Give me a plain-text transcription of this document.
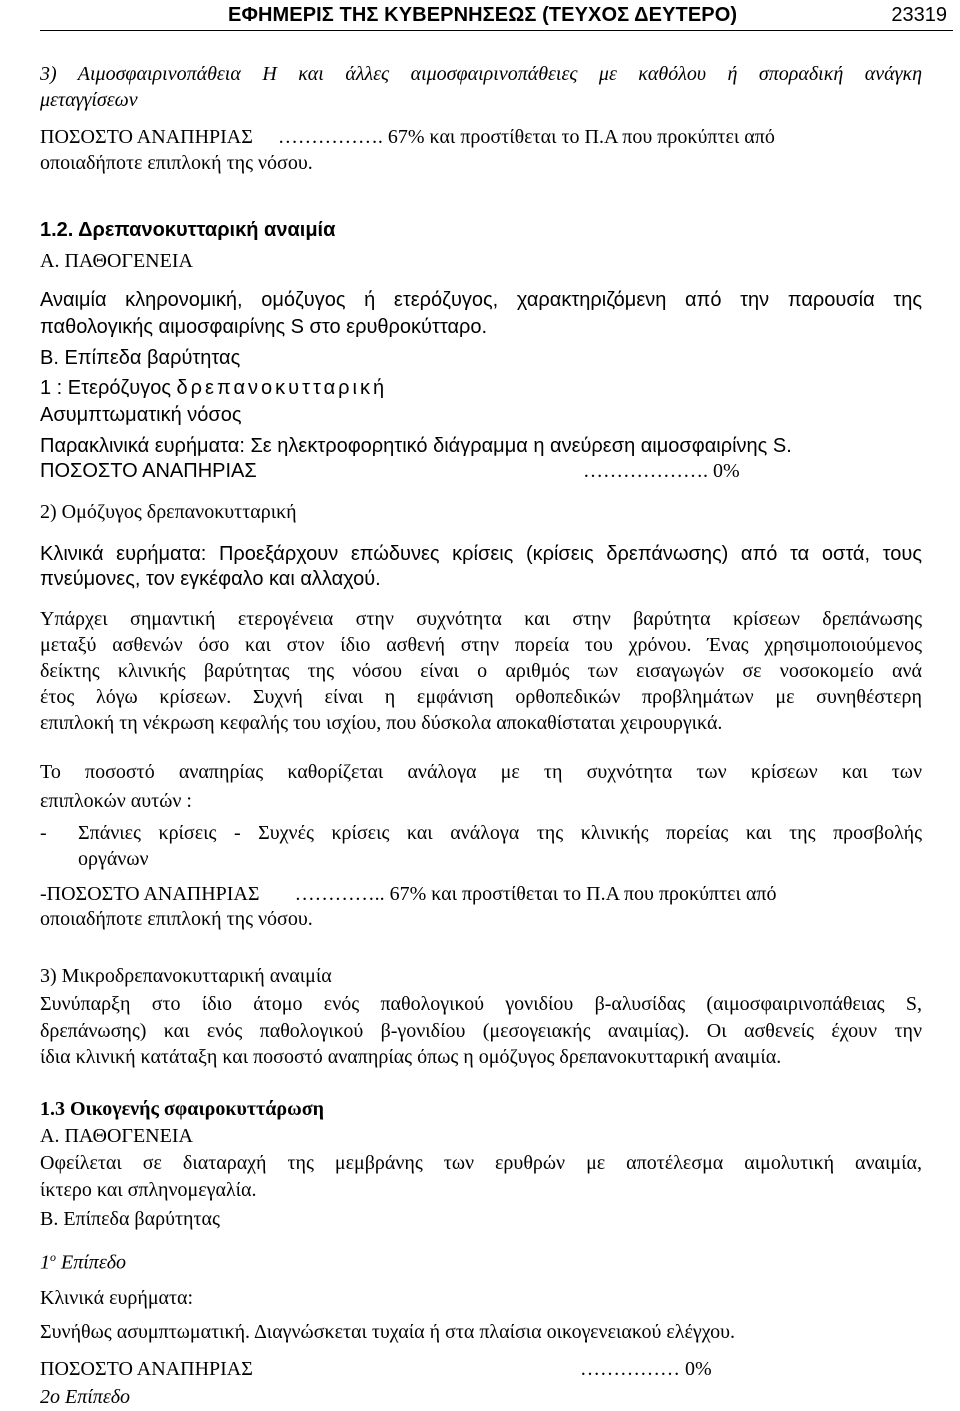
ΕΦΗΜΕΡΙΣ ΤΗΣ ΚΥΒΕΡΝΗΣΕΩΣ (ΤΕΥΧΟΣ ΔΕΥΤΕΡΟ)	23319
3) Αιμοσφαιρινοπάθεια H και άλλες αιμοσφαιρινοπάθειες με καθόλου ή σποραδική ανάγκη
μεταγγίσεων
ΠΟΣΟΣΤΟ ΑΝΑΠΗΡΙΑΣ ……………. 67% και προστίθεται το Π.Α που προκύπτει από
οποιαδήποτε επιπλοκή της νόσου.
1.2. Δρεπανοκυτταρική αναιμία
Α. ΠΑΘΟΓΕΝΕΙΑ
Αναιμία κληρονομική, ομόζυγος ή ετερόζυγος, χαρακτηριζόμενη από την παρουσία της
παθολογικής αιμοσφαιρίνης S στο ερυθροκύτταρο.
Β. Επίπεδα βαρύτητας
1 : Ετερόζυγος δρεπανοκυτταρική
Ασυμπτωματική νόσος
Παρακλινικά ευρήματα: Σε ηλεκτροφορητικό διάγραμμα η ανεύρεση αιμοσφαιρίνης S.
ΠΟΣΟΣΤΟ ΑΝΑΠΗΡΙΑΣ	………………. 0%
2) Ομόζυγος δρεπανοκυτταρική
Κλινικά ευρήματα: Προεξάρχουν επώδυνες κρίσεις (κρίσεις δρεπάνωσης) από τα οστά, τους
πνεύμονες, τον εγκέφαλο και αλλαχού.
Υπάρχει σημαντική ετερογένεια στην συχνότητα και στην βαρύτητα κρίσεων δρεπάνωσης
μεταξύ ασθενών όσο και στον ίδιο ασθενή στην πορεία του χρόνου. Ένας χρησιμοποιούμενος
δείκτης κλινικής βαρύτητας της νόσου είναι ο αριθμός των εισαγωγών σε νοσοκομείο ανά
έτος λόγω κρίσεων. Συχνή είναι η εμφάνιση ορθοπεδικών προβλημάτων με συνηθέστερη
επιπλοκή τη νέκρωση κεφαλής του ισχίου, που δύσκολα αποκαθίσταται χειρουργικά.
Το ποσοστό αναπηρίας καθορίζεται ανάλογα με τη συχνότητα των κρίσεων και των
επιπλοκών αυτών :
- Σπάνιες κρίσεις - Συχνές κρίσεις και ανάλογα της κλινικής πορείας και της προσβολής
οργάνων
-ΠΟΣΟΣΤΟ ΑΝΑΠΗΡΙΑΣ ………….. 67% και προστίθεται το Π.Α που προκύπτει από
οποιαδήποτε επιπλοκή της νόσου.
3) Μικροδρεπανοκυτταρική αναιμία
Συνύπαρξη στο ίδιο άτομο ενός παθολογικού γονιδίου β-αλυσίδας (αιμοσφαιρινοπάθειας S,
δρεπάνωσης) και ενός παθολογικού β-γονιδίου (μεσογειακής αναιμίας). Οι ασθενείς έχουν την
ίδια κλινική κατάταξη και ποσοστό αναπηρίας όπως η ομόζυγος δρεπανοκυτταρική αναιμία.
1.3 Οικογενής σφαιροκυττάρωση
Α. ΠΑΘΟΓΕΝΕΙΑ
Οφείλεται σε διαταραχή της μεμβράνης των ερυθρών με αποτέλεσμα αιμολυτική αναιμία,
ίκτερο και σπληνομεγαλία.
Β. Επίπεδα βαρύτητας
$1^o$ Επίπεδο
Κλινικά ευρήματα:
Συνήθως ασυμπτωματική. Διαγνώσκεται τυχαία ή στα πλαίσια οικογενειακού ελέγχου.
ΠΟΣΟΣΤΟ ΑΝΑΠΗΡΙΑΣ	…………… 0%
2ο Επίπεδο
